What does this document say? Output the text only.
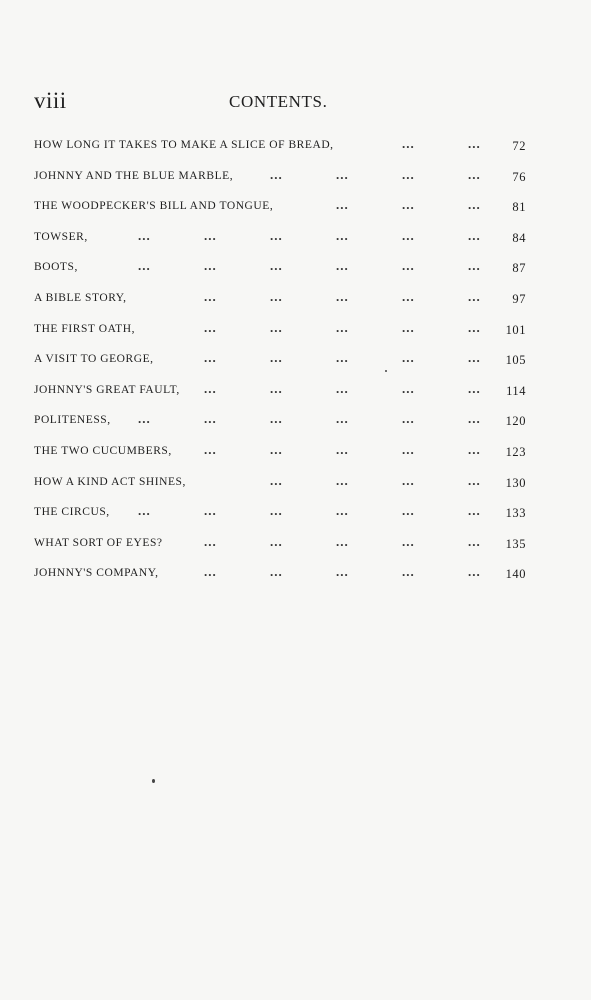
viii	CONTENTS.
HOW LONG IT TAKES TO MAKE A SLICE OF BREAD,	...	...	72
JOHNNY AND THE BLUE MARBLE,	...	...	...	...	76
THE WOODPECKER'S BILL AND TONGUE,	...	...	...	81
TOWSER,	...	...	...	...	...	...	84
BOOTS,	...	...	...	...	...	...	87
A BIBLE STORY,	...	...	...	...	...	97
THE FIRST OATH,	...	...	...	...	... 101
A VISIT TO GEORGE,	...	...	...	...	... 105
JOHNNY'S GREAT FAULT, ...	...	...	...	... 114
POLITENESS, ...	...	...	...	...	... 120
THE TWO CUCUMBERS, ...	...	...	...	... 123
HOW A KIND ACT SHINES,	...	...	...	... 130
THE CIRCUS, ...	...	...	...	...	... 133
WHAT SORT OF EYES?	...	...	...	...	... 135
JOHNNY'S COMPANY,	...	...	...	...	... 140
